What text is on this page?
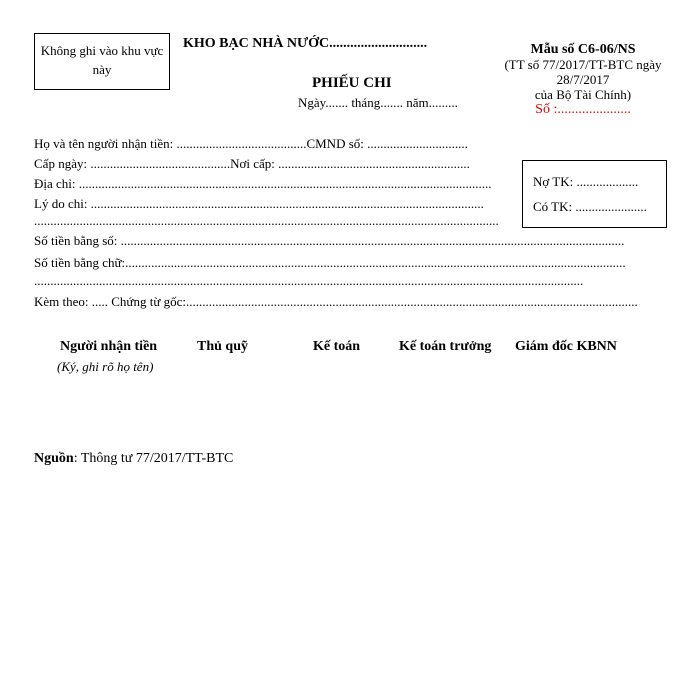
Không ghi vào khu vực này
KHO BẠC NHÀ NƯỚC............................
PHIẾU CHI
Ngày....... tháng....... năm.........
Mẫu số C6-06/NS
(TT số 77/2017/TT-BTC ngày
28/7/2017
của Bộ Tài Chính)
Số :.....................
Họ và tên người nhận tiền: ........................................CMND số: ...............................
Cấp ngày: ...........................................Nơi cấp: ...........................................................
Địa chỉ: ...............................................................................................................................
Lý do chi: .........................................................................................................................
...............................................................................................................................................
Nợ TK: ...................
Có TK: ......................
Số tiền bằng số: ...........................................................................................................................................................
Số tiền bằng chữ:..........................................................................................................................................................
.........................................................................................................................................................................
Kèm theo: ..... Chứng từ gốc:...........................................................................................................................................
Người nhận tiền
(Ký, ghi rõ họ tên)
Thủ quỹ	Kế toán	Kế toán trưởng Giám đốc KBNN
Nguồn: Thông tư 77/2017/TT-BTC
